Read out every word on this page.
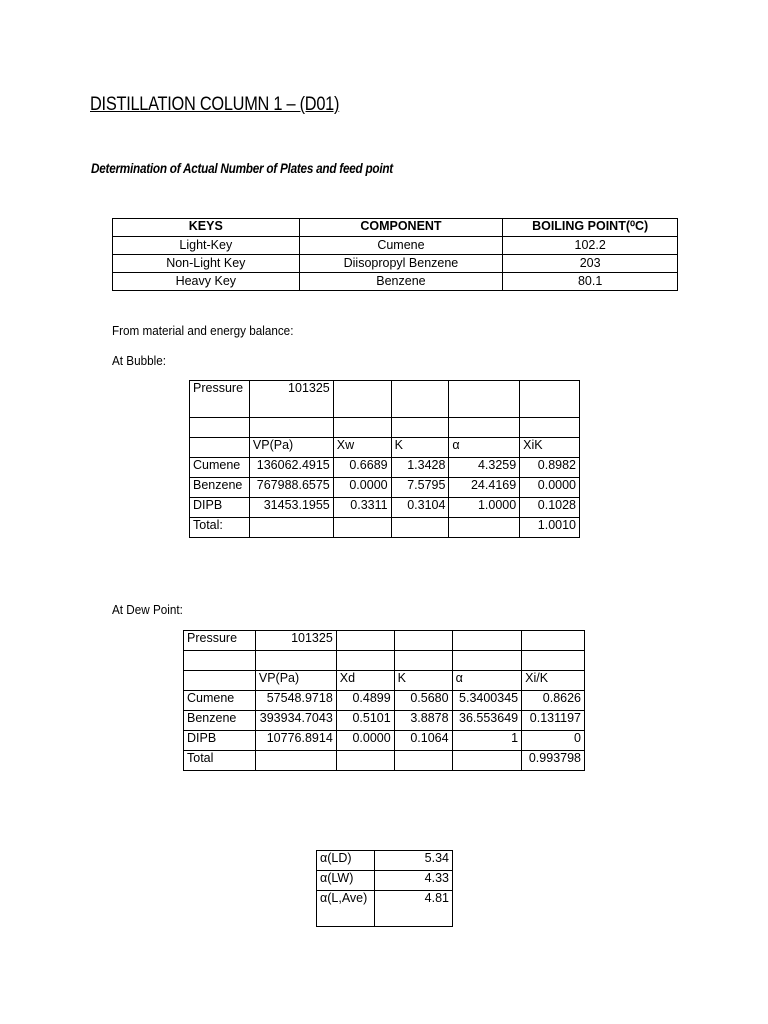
DISTILLATION COLUMN 1 – (D01)
Determination of Actual Number of Plates and feed point
KEYS	COMPONENT	BOILING POINT(⁰C)
Light-Key	Cumene	102.2
Non-Light Key	Diisopropyl Benzene	203
Heavy Key	Benzene	80.1
From material and energy balance:
At Bubble:
Pressure	101325				

	VP(Pa)	Xw	K	α	XiK
Cumene	136062.4915	0.6689	1.3428	4.3259	0.8982
Benzene	767988.6575	0.0000	7.5795	24.4169	0.0000
DIPB	31453.1955	0.3311	0.3104	1.0000	0.1028
Total:					1.0010
At Dew Point:
Pressure	101325				

	VP(Pa)	Xd	K	α	Xi/K
Cumene	57548.9718	0.4899	0.5680	5.3400345	0.8626
Benzene	393934.7043	0.5101	3.8878	36.553649	0.131197
DIPB	10776.8914	0.0000	0.1064	1	0
Total					0.993798
α(LD)	5.34
α(LW)	4.33
α(L,Ave)	4.81
